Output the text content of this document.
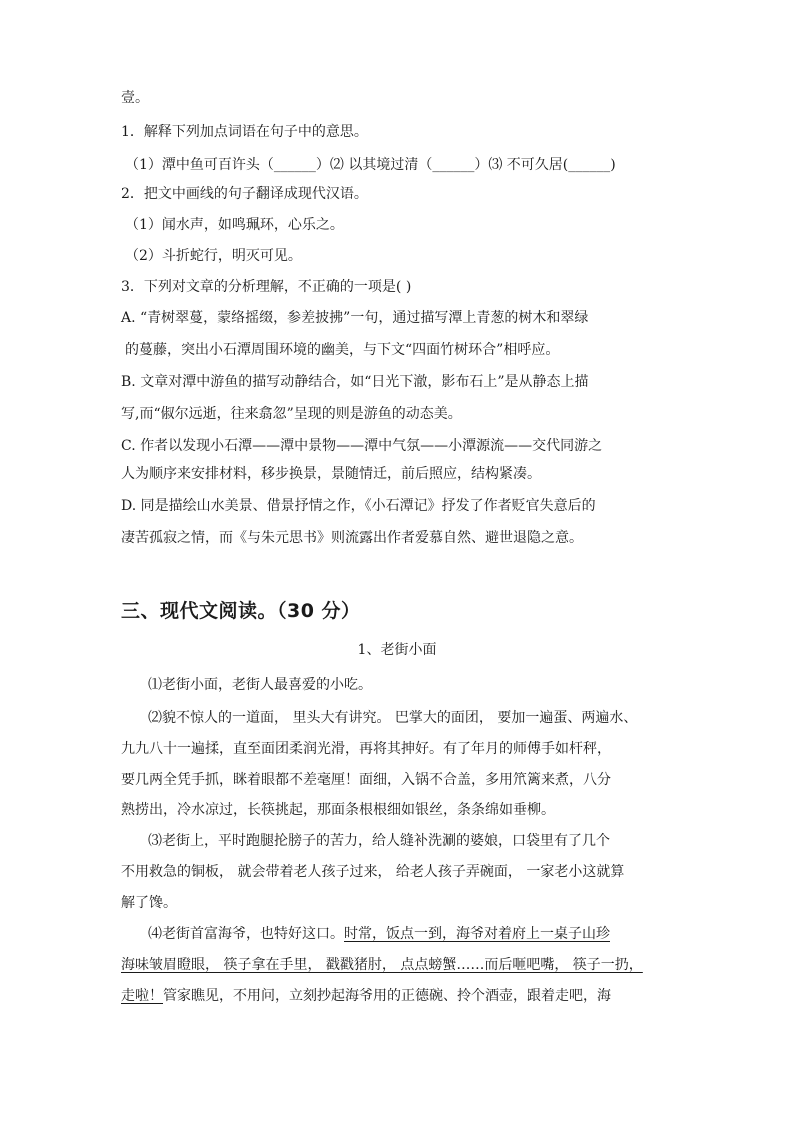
壹。
1．解释下列加点词语在句子中的意思。
（1）潭中鱼可百许头（______）⑵ 以其境过清（______）⑶ 不可久居(______)
2．把文中画线的句子翻译成现代汉语。
（1）闻水声，如鸣珮环，心乐之。
（2）斗折蛇行，明灭可见。
3．下列对文章的分析理解，不正确的一项是( )
A. “青树翠蔓，蒙络摇缀，参差披拂”一句，通过描写潭上青葱的树木和翠绿
的蔓藤，突出小石潭周围环境的幽美，与下文“四面竹树环合”相呼应。
B. 文章对潭中游鱼的描写动静结合，如“日光下澈，影布石上”是从静态上描
写,而“俶尔远逝，往来翕忽”呈现的则是游鱼的动态美。
C. 作者以发现小石潭——潭中景物——潭中气氛——小潭源流——交代同游之
人为顺序来安排材料，移步换景，景随情迁，前后照应，结构紧凑。
D. 同是描绘山水美景、借景抒情之作，《小石潭记》抒发了作者贬官失意后的
凄苦孤寂之情，而《与朱元思书》则流露出作者爱慕自然、避世退隐之意。
三、现代文阅读。（30 分）
1、老街小面
⑴老街小面，老街人最喜爱的小吃。
⑵貌不惊人的一道面， 里头大有讲究。 巴掌大的面团， 要加一遍蛋、两遍水、
九九八十一遍揉，直至面团柔润光滑，再将其抻好。有了年月的师傅手如杆秤，
要几两全凭手抓，眯着眼都不差毫厘！面细，入锅不合盖，多用笊篱来煮，八分
熟捞出，冷水凉过，长筷挑起，那面条根根细如银丝，条条绵如垂柳。
⑶老街上，平时跑腿抡膀子的苦力，给人缝补洗涮的婆娘，口袋里有了几个
不用救急的铜板， 就会带着老人孩子过来， 给老人孩子弄碗面， 一家老小这就算
解了馋。
⑷老街首富海爷，也特好这口。时常，饭点一到，海爷对着府上一桌子山珍
海味皱眉瞪眼， 筷子拿在手里， 戳戳猪肘， 点点螃蟹……而后咂吧嘴， 筷子一扔，
走啦！管家瞧见，不用问，立刻抄起海爷用的正德碗、拎个酒壶，跟着走吧，海
